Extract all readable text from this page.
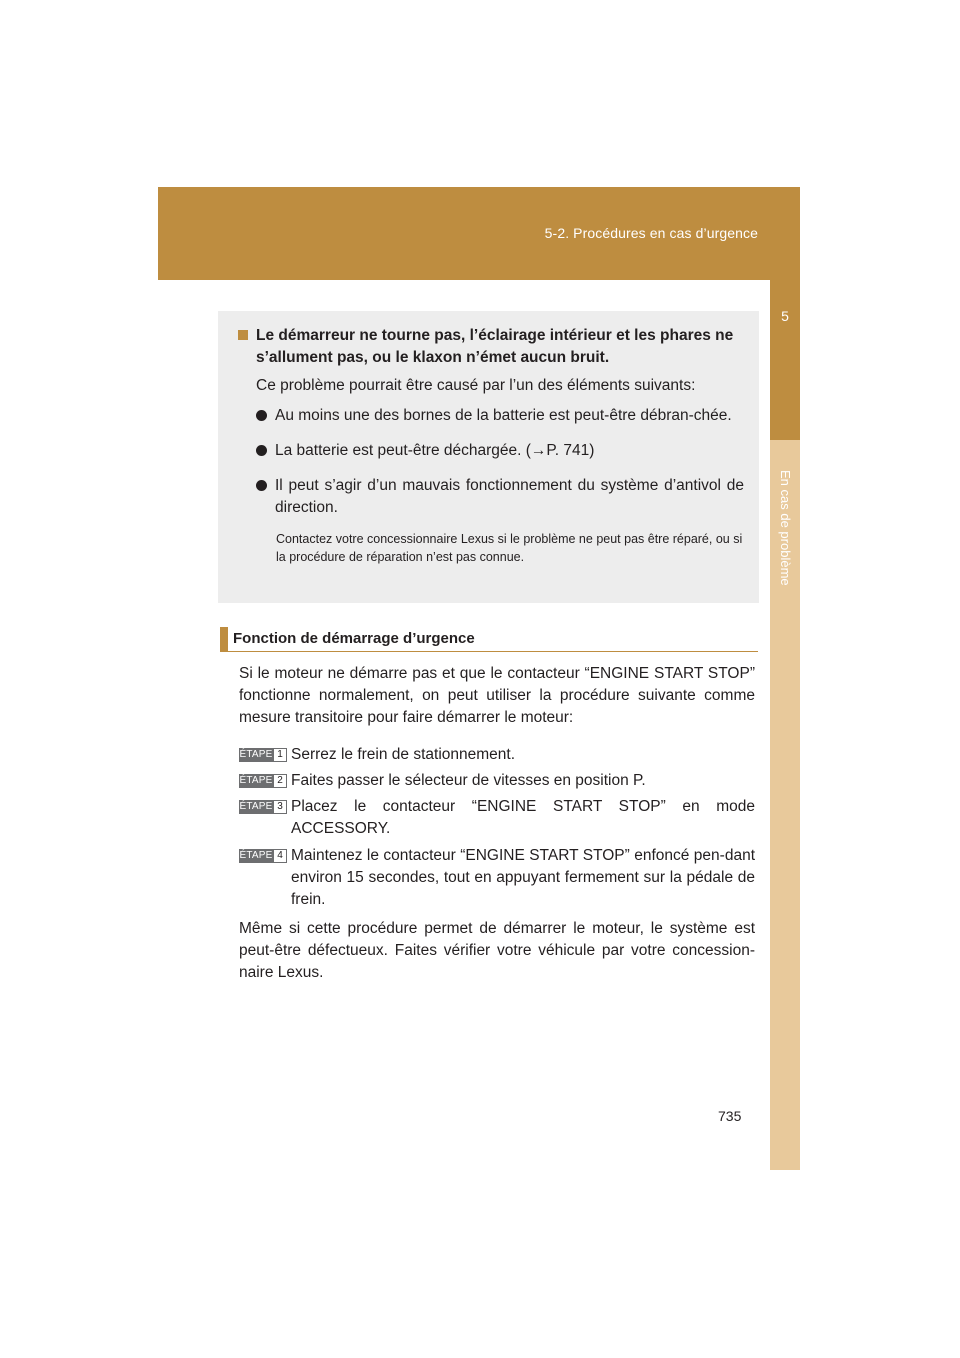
5-2. Procédures en cas d’urgence
5
En cas de problème
Le démarreur ne tourne pas, l’éclairage intérieur et les phares ne s’allument pas, ou le klaxon n’émet aucun bruit.
Ce problème pourrait être causé par l’un des éléments suivants:
Au moins une des bornes de la batterie est peut-être débran-chée.
La batterie est peut-être déchargée. (→P. 741)
Il peut s’agir d’un mauvais fonctionnement du système d’antivol de direction.
Contactez votre concessionnaire Lexus si le problème ne peut pas être réparé, ou si la procédure de réparation n’est pas connue.
Fonction de démarrage d’urgence
Si le moteur ne démarre pas et que le contacteur “ENGINE START STOP” fonctionne normalement, on peut utiliser la procédure suivante comme mesure transitoire pour faire démarrer le moteur:
ÉTAPE 1 Serrez le frein de stationnement.
ÉTAPE 2 Faites passer le sélecteur de vitesses en position P.
ÉTAPE 3 Placez le contacteur “ENGINE START STOP” en mode ACCESSORY.
ÉTAPE 4 Maintenez le contacteur “ENGINE START STOP” enfoncé pen-dant environ 15 secondes, tout en appuyant fermement sur la pédale de frein.
Même si cette procédure permet de démarrer le moteur, le système est peut-être défectueux. Faites vérifier votre véhicule par votre concession-naire Lexus.
735
